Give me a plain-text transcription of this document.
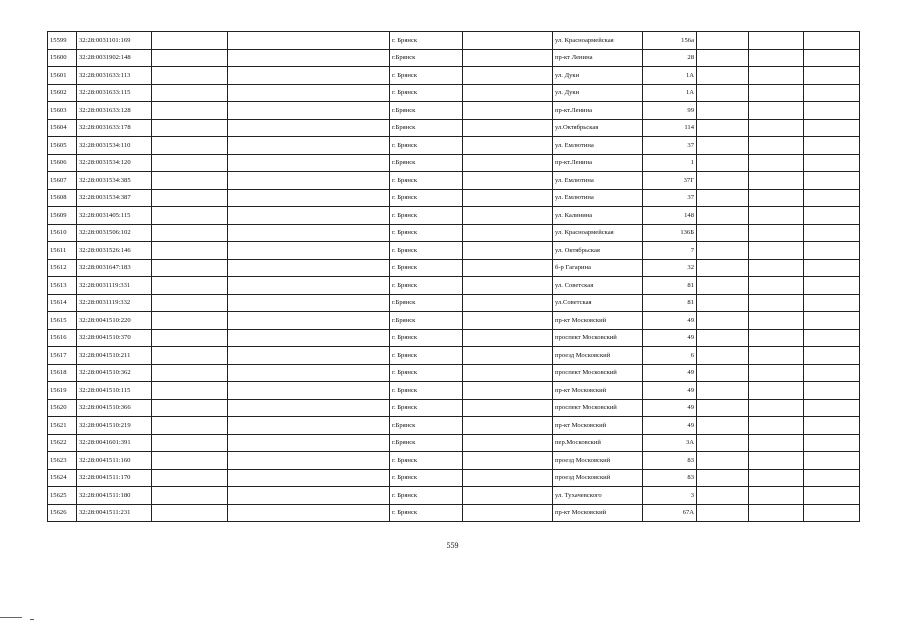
15599	32:28:0031101:169			г. Брянск		ул. Красноармейская	156а			
15600	32:28:0031902:148			г.Брянск		пр-кт Ленина	28			
15601	32:28:0031633:113			г. Брянск		ул. Дуки	1А			
15602	32:28:0031633:115			г. Брянск		ул. Дуки	1А			
15603	32:28:0031633:128			г.Брянск		пр-кт.Ленина	99			
15604	32:28:0031633:178			г.Брянск		ул.Октябрьская	114			
15605	32:28:0031534:110			г. Брянск		ул. Емлютина	37			
15606	32:28:0031534:120			г.Брянск		пр-кт.Ленина	1			
15607	32:28:0031534:385			г. Брянск		ул. Емлютина	37Г			
15608	32:28:0031534:387			г. Брянск		ул. Емлютина	37			
15609	32:28:0031405:115			г. Брянск		ул. Калинина	148			
15610	32:28:0031506:102			г. Брянск		ул. Красноармейская	136Б			
15611	32:28:0031526:146			г. Брянск		ул. Октябрьская	7			
15612	32:28:0031647:183			г. Брянск		б-р Гагарина	32			
15613	32:28:0031119:331			г. Брянск		ул. Советская	81			
15614	32:28:0031119:332			г.Брянск		ул.Советская	81			
15615	32:28:0041510:220			г.Брянск		пр-кт Московский	49			
15616	32:28:0041510:370			г. Брянск		проспект Московский	49			
15617	32:28:0041510:211			г. Брянск		проезд Московский	6			
15618	32:28:0041510:362			г. Брянск		проспект Московский	49			
15619	32:28:0041510:115			г. Брянск		пр-кт Московский	49			
15620	32:28:0041510:366			г. Брянск		проспект Московский	49			
15621	32:28:0041510:219			г.Брянск		пр-кт Московский	49			
15622	32:28:0041601:391			г.Брянск		пер.Московский	3А			
15623	32:28:0041511:160			г. Брянск		проезд Московский	83			
15624	32:28:0041511:170			г. Брянск		проезд Московский	83			
15625	32:28:0041511:180			г. Брянск		ул. Тухачевского	3			
15626	32:28:0041511:231			г. Брянск		пр-кт Московский	67А			
559
